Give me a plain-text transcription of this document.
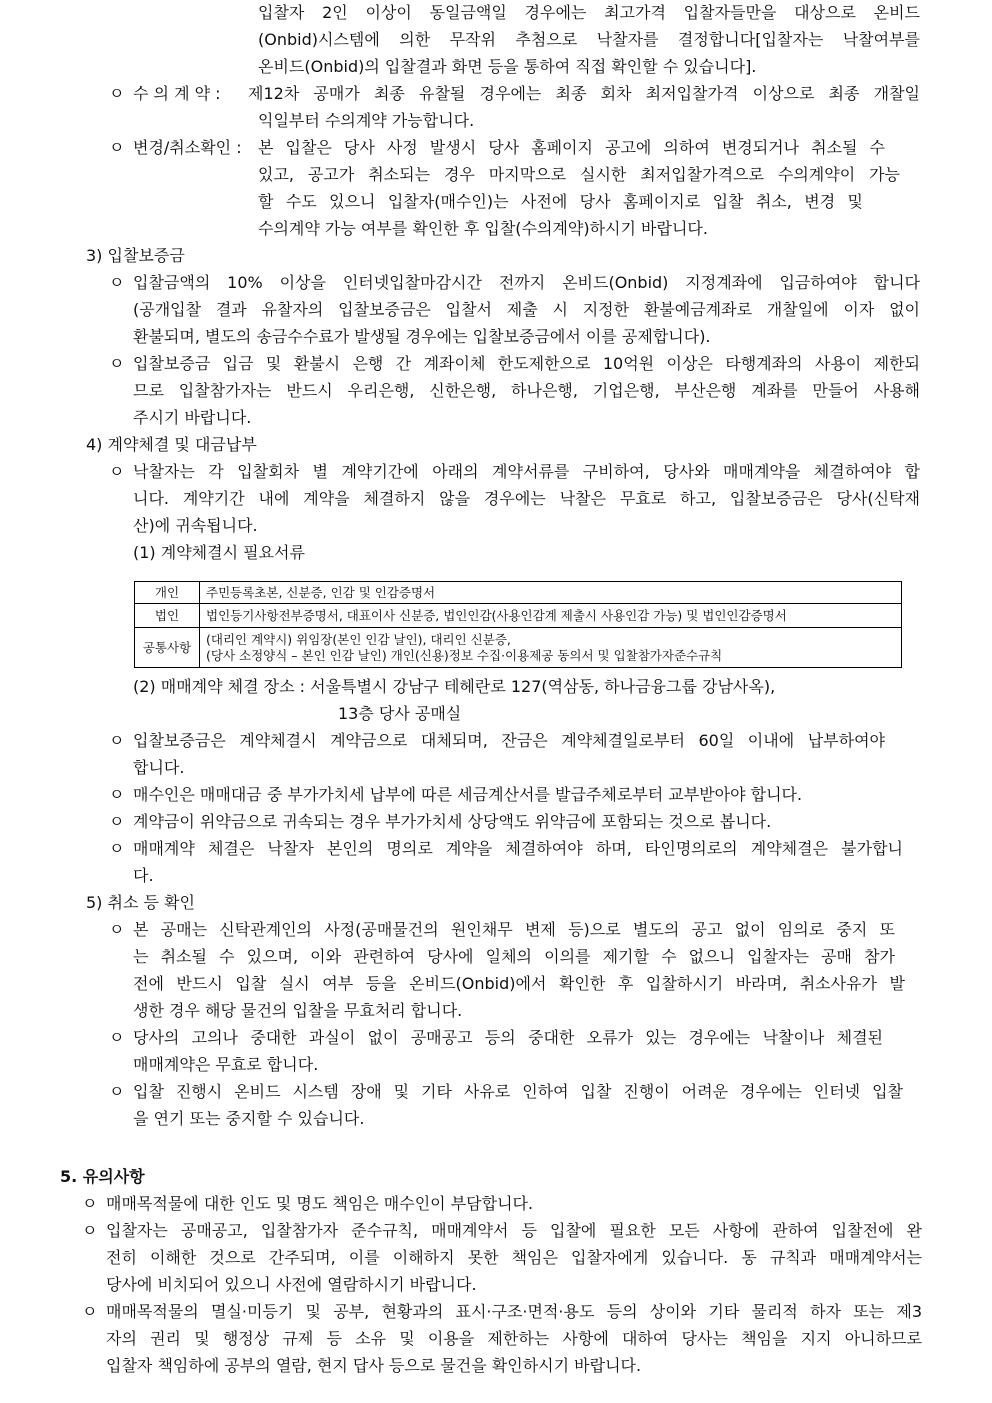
입찰자 2인 이상이 동일금액일 경우에는 최고가격 입찰자들만을 대상으로 온비드
(Onbid)시스템에 의한 무작위 추첨으로 낙찰자를 결정합니다[입찰자는 낙찰여부를
온비드(Onbid)의 입찰결과 화면 등을 통하여 직접 확인할 수 있습니다].
ㅇ 수 의 계 약 : 제12차 공매가 최종 유찰될 경우에는 최종 회차 최저입찰가격 이상으로 최종 개찰일
익일부터 수의계약 가능합니다.
ㅇ 변경/취소확인 : 본 입찰은 당사 사정 발생시 당사 홈페이지 공고에 의하여 변경되거나 취소될 수
있고, 공고가 취소되는 경우 마지막으로 실시한 최저입찰가격으로 수의계약이 가능
할 수도 있으니 입찰자(매수인)는 사전에 당사 홈페이지로 입찰 취소, 변경 및
수의계약 가능 여부를 확인한 후 입찰(수의계약)하시기 바랍니다.
3) 입찰보증금
ㅇ 입찰금액의 10% 이상을 인터넷입찰마감시간 전까지 온비드(Onbid) 지정계좌에 입금하여야 합니다
(공개입찰 결과 유찰자의 입찰보증금은 입찰서 제출 시 지정한 환불예금계좌로 개찰일에 이자 없이
환불되며, 별도의 송금수수료가 발생될 경우에는 입찰보증금에서 이를 공제합니다).
ㅇ 입찰보증금 입금 및 환불시 은행 간 계좌이체 한도제한으로 10억원 이상은 타행계좌의 사용이 제한되
므로 입찰참가자는 반드시 우리은행, 신한은행, 하나은행, 기업은행, 부산은행 계좌를 만들어 사용해
주시기 바랍니다.
4) 계약체결 및 대금납부
ㅇ 낙찰자는 각 입찰회차 별 계약기간에 아래의 계약서류를 구비하여, 당사와 매매계약을 체결하여야 합
니다. 계약기간 내에 계약을 체결하지 않을 경우에는 낙찰은 무효로 하고, 입찰보증금은 당사(신탁재
산)에 귀속됩니다.
(1) 계약체결시 필요서류
개인	주민등록초본, 신분증, 인감 및 인감증명서
법인	법인등기사항전부증명서, 대표이사 신분증, 법인인감(사용인감계 제출시 사용인감 가능) 및 법인인감증명서
공통사항	(대리인 계약시) 위임장(본인 인감 날인), 대리인 신분증,
(당사 소정양식 – 본인 인감 날인) 개인(신용)정보 수집·이용제공 동의서 및 입찰참가자준수규칙
(2) 매매계약 체결 장소 : 서울특별시 강남구 테헤란로 127(역삼동, 하나금융그룹 강남사옥),
13층 당사 공매실
ㅇ 입찰보증금은 계약체결시 계약금으로 대체되며, 잔금은 계약체결일로부터 60일 이내에 납부하여야
합니다.
ㅇ 매수인은 매매대금 중 부가가치세 납부에 따른 세금계산서를 발급주체로부터 교부받아야 합니다.
ㅇ 계약금이 위약금으로 귀속되는 경우 부가가치세 상당액도 위약금에 포함되는 것으로 봅니다.
ㅇ 매매계약 체결은 낙찰자 본인의 명의로 계약을 체결하여야 하며, 타인명의로의 계약체결은 불가합니
다.
5) 취소 등 확인
ㅇ 본 공매는 신탁관계인의 사정(공매물건의 원인채무 변제 등)으로 별도의 공고 없이 임의로 중지 또
는 취소될 수 있으며, 이와 관련하여 당사에 일체의 이의를 제기할 수 없으니 입찰자는 공매 참가
전에 반드시 입찰 실시 여부 등을 온비드(Onbid)에서 확인한 후 입찰하시기 바라며, 취소사유가 발
생한 경우 해당 물건의 입찰을 무효처리 합니다.
ㅇ 당사의 고의나 중대한 과실이 없이 공매공고 등의 중대한 오류가 있는 경우에는 낙찰이나 체결된
매매계약은 무효로 합니다.
ㅇ 입찰 진행시 온비드 시스템 장애 및 기타 사유로 인하여 입찰 진행이 어려운 경우에는 인터넷 입찰
을 연기 또는 중지할 수 있습니다.
5. 유의사항
ㅇ 매매목적물에 대한 인도 및 명도 책임은 매수인이 부담합니다.
ㅇ 입찰자는 공매공고, 입찰참가자 준수규칙, 매매계약서 등 입찰에 필요한 모든 사항에 관하여 입찰전에 완
전히 이해한 것으로 간주되며, 이를 이해하지 못한 책임은 입찰자에게 있습니다. 동 규칙과 매매계약서는
당사에 비치되어 있으니 사전에 열람하시기 바랍니다.
ㅇ 매매목적물의 멸실·미등기 및 공부, 현황과의 표시·구조·면적·용도 등의 상이와 기타 물리적 하자 또는 제3
자의 권리 및 행정상 규제 등 소유 및 이용을 제한하는 사항에 대하여 당사는 책임을 지지 아니하므로
입찰자 책임하에 공부의 열람, 현지 답사 등으로 물건을 확인하시기 바랍니다.
